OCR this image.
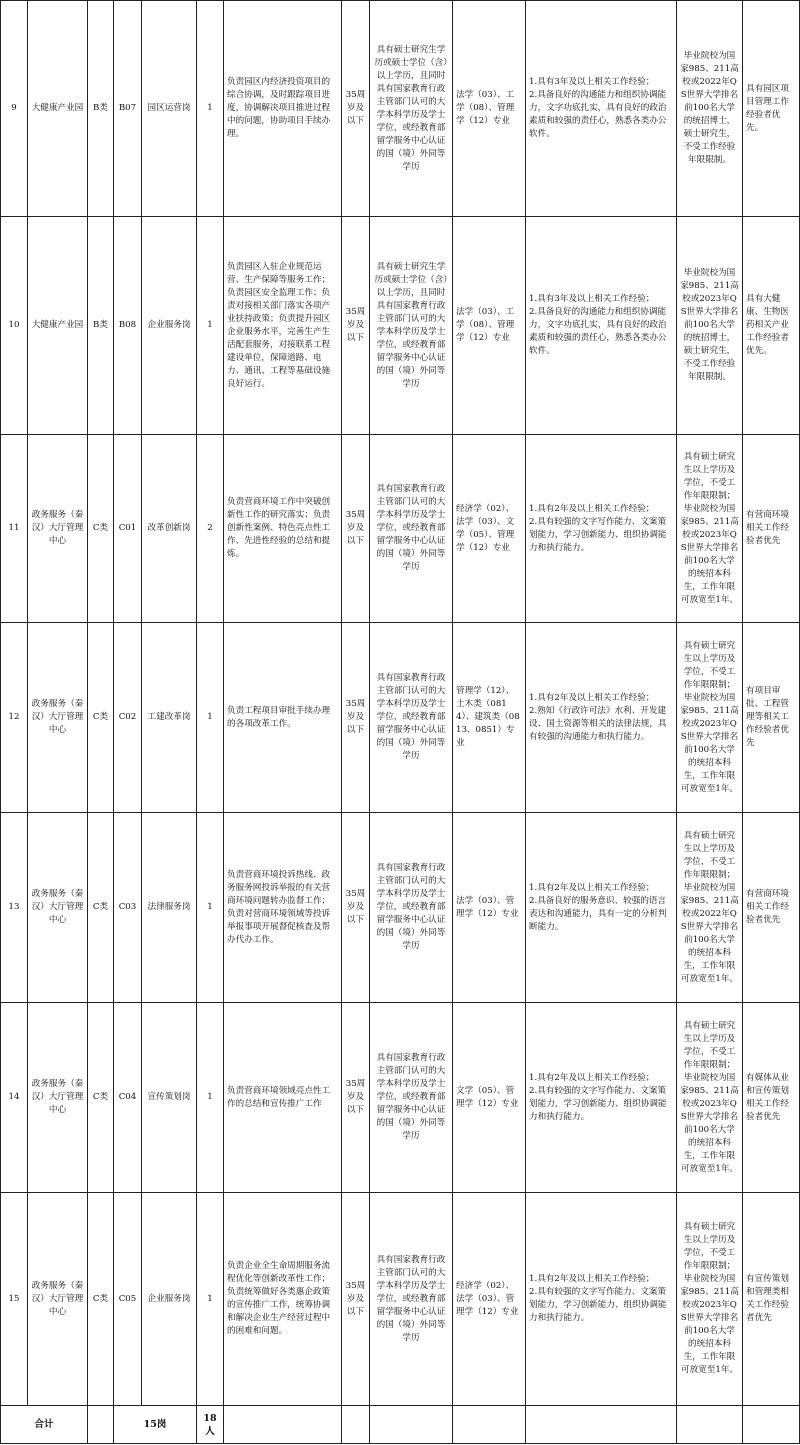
9	大健康产业园	B类	B07	园区运营岗	1	负责园区内经济投资项目的综合协调，及时跟踪项目进度，协调解决项目推进过程中的问题，协助项目手续办理。	35周岁及以下	具有硕士研究生学历或硕士学位（含）以上学历，且同时具有国家教育行政主管部门认可的大学本科学历及学士学位，或经教育部留学服务中心认证的国（境）外同等学历	法学（03）、工学（08）、管理学（12）专业	1.具有3年及以上相关工作经验；
2.具备良好的沟通能力和组织协调能力，文字功底扎实，具有良好的政治素质和较强的责任心，熟悉各类办公软件。	毕业院校为国家985、211高校或2022年QS世界大学排名前100名大学的统招博士，硕士研究生，不受工作经验年限限制。	具有园区项目管理工作经验者优先。
10	大健康产业园	B类	B08	企业服务岗	1	负责园区入驻企业规范运营、生产保障等服务工作；负责园区安全监理工作；负责对接相关部门落实各项产业扶持政策；负责提升园区企业服务水平，完善生产生活配套服务，对接联系工程建设单位，保障道路、电力、通讯、工程等基础设施良好运行。	35周岁及以下	具有硕士研究生学历或硕士学位（含）以上学历，且同时具有国家教育行政主管部门认可的大学本科学历及学士学位，或经教育部留学服务中心认证的国（境）外同等学历	法学（03）、工学（08）、管理学（12）专业	1.具有3年及以上相关工作经验；
2.具备良好的沟通能力和组织协调能力，文字功底扎实，具有良好的政治素质和较强的责任心，熟悉各类办公软件。	毕业院校为国家985、211高校或2023年QS世界大学排名前100名大学的统招博士，硕士研究生，不受工作经验年限限制。	具有大健康、生物医药相关产业工作经验者优先。
11	政务服务（秦汉）大厅管理中心	C类	C01	改革创新岗	2	负责营商环境工作中突破创新性工作的研究落实；负责创新性案例、特色亮点性工作、先进性经验的总结和提炼。	35周岁及以下	具有国家教育行政主管部门认可的大学本科学历及学士学位，或经教育部留学服务中心认证的国（境）外同等学历	经济学（02）、法学（03）、文学（05）、管理学（12）专业	1.具有2年及以上相关工作经验；
2.具有较强的文字写作能力、文案策划能力，学习创新能力、组织协调能力和执行能力。	具有硕士研究生以上学历及学位，不受工作年限限制；毕业院校为国家985、211高校或2023年QS世界大学排名前100名大学的统招本科生，工作年限可放宽至1年。	有营商环境相关工作经验者优先
12	政务服务（秦汉）大厅管理中心	C类	C02	工建改革岗	1	负责工程项目审批手续办理的各项改革工作。	35周岁及以下	具有国家教育行政主管部门认可的大学本科学历及学士学位，或经教育部留学服务中心认证的国（境）外同等学历	管理学（12）、土木类（0814）、建筑类（0813、0851）专业	1.具有2年及以上相关工作经验；
2.熟知《行政许可法》水利、开发建设、国土资源等相关的法律法规，具有较强的沟通能力和执行能力。	具有硕士研究生以上学历及学位，不受工作年限限制；毕业院校为国家985、211高校或2023年QS世界大学排名前100名大学的统招本科生，工作年限可放宽至1年。	有项目审批、工程管理等相关工作经验者优先
13	政务服务（秦汉）大厅管理中心	C类	C03	法律服务岗	1	负责营商环境投诉热线、政务服务网投诉举报的有关营商环境问题转办监督工作；负责对营商环境领域等投诉举报事项开展督促核查及帮办代办工作。	35周岁及以下	具有国家教育行政主管部门认可的大学本科学历及学士学位，或经教育部留学服务中心认证的国（境）外同等学历	法学（03）、管理学（12）专业	1.具有2年及以上相关工作经验；
2.具备良好的服务意识、较强的语言表达和沟通能力，具有一定的分析判断能力。	具有硕士研究生以上学历及学位，不受工作年限限制；毕业院校为国家985、211高校或2022年QS世界大学排名前100名大学的统招本科生，工作年限可放宽至1年。	有营商环境相关工作经验者优先
14	政务服务（秦汉）大厅管理中心	C类	C04	宣传策划岗	1	负责营商环境领域亮点性工作的总结和宣传推广工作	35周岁及以下	具有国家教育行政主管部门认可的大学本科学历及学士学位，或经教育部留学服务中心认证的国（境）外同等学历	文学（05）、管理学（12）专业	1.具有2年及以上相关工作经验；
2.具有较强的文字写作能力、文案策划能力，学习创新能力、组织协调能力和执行能力。	具有硕士研究生以上学历及学位，不受工作年限限制；毕业院校为国家985、211高校或2023年QS世界大学排名前100名大学的统招本科生，工作年限可放宽至1年。	有媒体从业和宣传策划相关工作经验者优先
15	政务服务（秦汉）大厅管理中心	C类	C05	企业服务岗	1	负责企业全生命周期服务流程优化等创新改革性工作；负责统筹做好各类惠企政策的宣传推广工作，统筹协调和解决企业生产经营过程中的困难和问题。	35周岁及以下	具有国家教育行政主管部门认可的大学本科学历及学士学位，或经教育部留学服务中心认证的国（境）外同等学历	经济学（02）、法学（03）、管理学（12）专业	1.具有2年及以上相关工作经验；
2.具有较强的文字写作能力、文案策划能力，学习创新能力、组织协调能力和执行能力。	具有硕士研究生以上学历及学位，不受工作年限限制；毕业院校为国家985、211高校或2023年QS世界大学排名前100名大学的统招本科生，工作年限可放宽至1年。	有宣传策划和管理类相关工作经验者优先
合计			15岗		18人							
